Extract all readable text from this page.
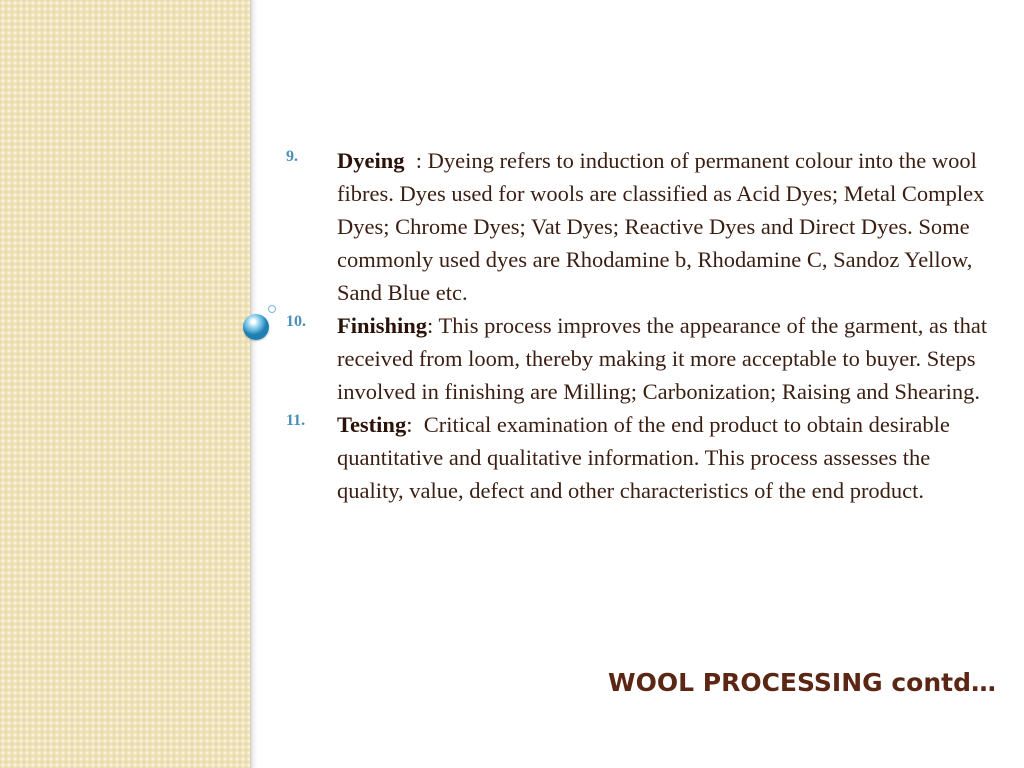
9.	Dyeing  : Dyeing refers to induction of permanent colour into the wool fibres. Dyes used for wools are classified as Acid Dyes; Metal Complex Dyes; Chrome Dyes; Vat Dyes; Reactive Dyes and Direct Dyes. Some commonly used dyes are Rhodamine b, Rhodamine C, Sandoz Yellow, Sand Blue etc.
10.	Finishing: This process improves the appearance of the garment, as that received from loom, thereby making it more acceptable to buyer. Steps involved in finishing are Milling; Carbonization; Raising and Shearing.
11.	Testing:  Critical examination of the end product to obtain desirable quantitative and qualitative information. This process assesses the quality, value, defect and other characteristics of the end product.
WOOL PROCESSING contd…
